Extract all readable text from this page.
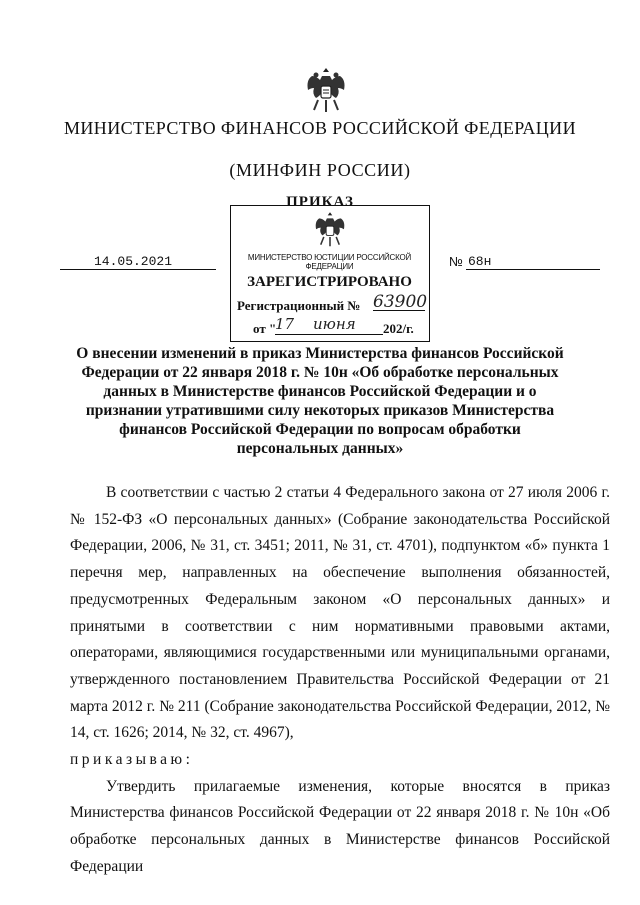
МИНИСТЕРСТВО ФИНАНСОВ РОССИЙСКОЙ ФЕДЕРАЦИИ
(МИНФИН РОССИИ)
ПРИКАЗ
14.05.2021	№ 68н
МИНИСТЕРСТВО ЮСТИЦИИ РОССИЙСКОЙ ФЕДЕРАЦИИ
ЗАРЕГИСТРИРОВАНО
Регистрационный № 63900
от "
17 июня 202/г.
О внесении изменений в приказ Министерства финансов Российской Федерации от 22 января 2018 г. № 10н «Об обработке персональных данных в Министерстве финансов Российской Федерации и о признании утратившими силу некоторых приказов Министерства финансов Российской Федерации по вопросам обработки персональных данных»

В соответствии с частью 2 статьи 4 Федерального закона от 27 июля 2006 г. № 152-ФЗ «О персональных данных» (Собрание законодательства Российской Федерации, 2006, № 31, ст. 3451; 2011, № 31, ст. 4701), подпунктом «б» пункта 1 перечня мер, направленных на обеспечение выполнения обязанностей, предусмотренных Федеральным законом «О персональных данных» и принятыми в соответствии с ним нормативными правовыми актами, операторами, являющимися государственными или муниципальными органами, утвержденного постановлением Правительства Российской Федерации от 21 марта 2012 г. № 211 (Собрание законодательства Российской Федерации, 2012, № 14, ст. 1626; 2014, № 32, ст. 4967),

приказываю:

Утвердить прилагаемые изменения, которые вносятся в приказ Министерства финансов Российской Федерации от 22 января 2018 г. № 10н «Об обработке персональных данных в Министерстве финансов Российской Федерации
